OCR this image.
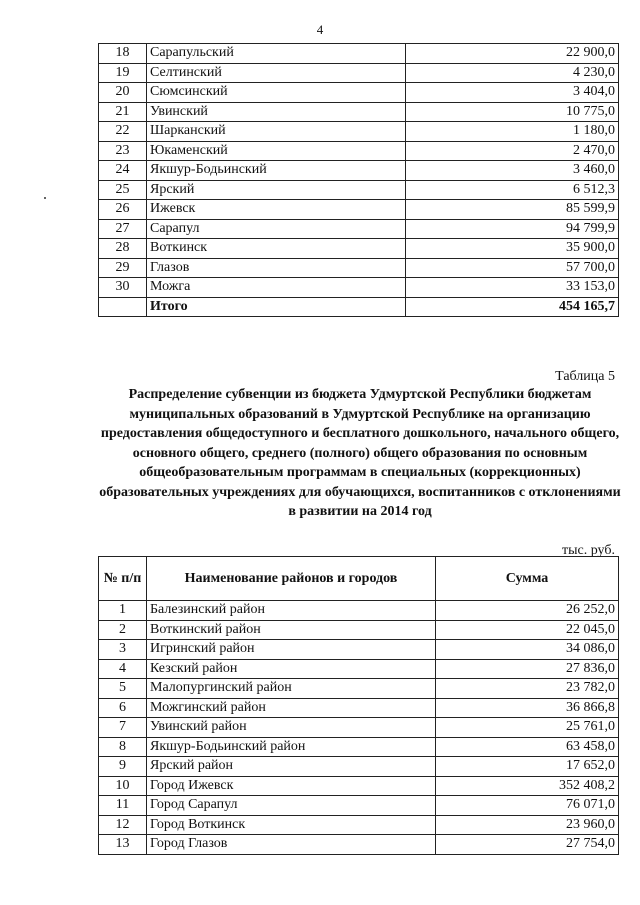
4
18	Сарапульский	22 900,0
19	Селтинский	4 230,0
20	Сюмсинский	3 404,0
21	Увинский	10 775,0
22	Шарканский	1 180,0
23	Юкаменский	2 470,0
24	Якшур-Бодьинский	3 460,0
25	Ярский	6 512,3
26	Ижевск	85 599,9
27	Сарапул	94 799,9
28	Воткинск	35 900,0
29	Глазов	57 700,0
30	Можга	33 153,0
	Итого	454 165,7
Таблица 5
Распределение субвенции из бюджета Удмуртской Республики бюджетам муниципальных образований в Удмуртской Республике на организацию предоставления общедоступного и бесплатного дошкольного, начального общего, основного общего, среднего (полного) общего образования по основным общеобразовательным программам в специальных (коррекционных) образовательных учреждениях для обучающихся, воспитанников с отклонениями в развитии на 2014 год
тыс. руб.
№ п/п	Наименование районов и городов	Сумма
1	Балезинский район	26 252,0
2	Воткинский район	22 045,0
3	Игринский район	34 086,0
4	Кезский район	27 836,0
5	Малопургинский район	23 782,0
6	Можгинский район	36 866,8
7	Увинский район	25 761,0
8	Якшур-Бодьинский район	63 458,0
9	Ярский район	17 652,0
10	Город Ижевск	352 408,2
11	Город Сарапул	76 071,0
12	Город Воткинск	23 960,0
13	Город Глазов	27 754,0
